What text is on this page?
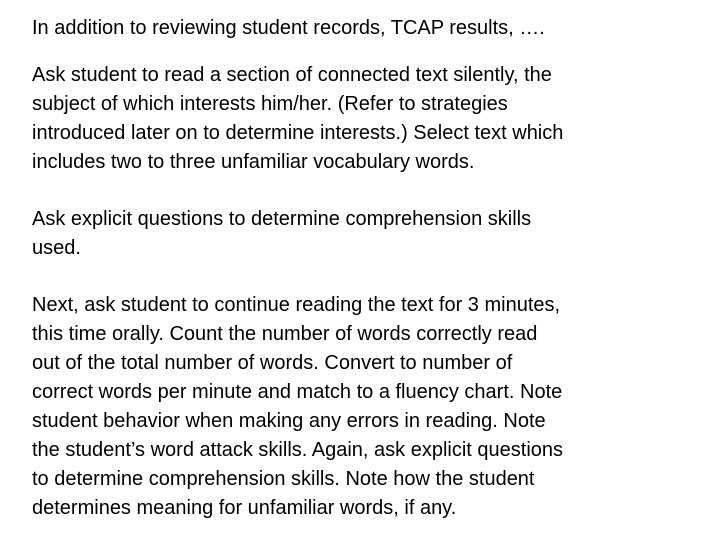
In addition to reviewing student records, TCAP results, ….

Ask student to read a section of connected text silently, the
subject of which interests him/her. (Refer to strategies
introduced later on to determine interests.) Select text which
includes two to three unfamiliar vocabulary words.

Ask explicit questions to determine comprehension skills
used.

Next, ask student to continue reading the text for 3 minutes,
this time orally. Count the number of words correctly read
out of the total number of words. Convert to number of
correct words per minute and match to a fluency chart. Note
student behavior when making any errors in reading. Note
the student’s word attack skills. Again, ask explicit questions
to determine comprehension skills. Note how the student
determines meaning for unfamiliar words, if any.
